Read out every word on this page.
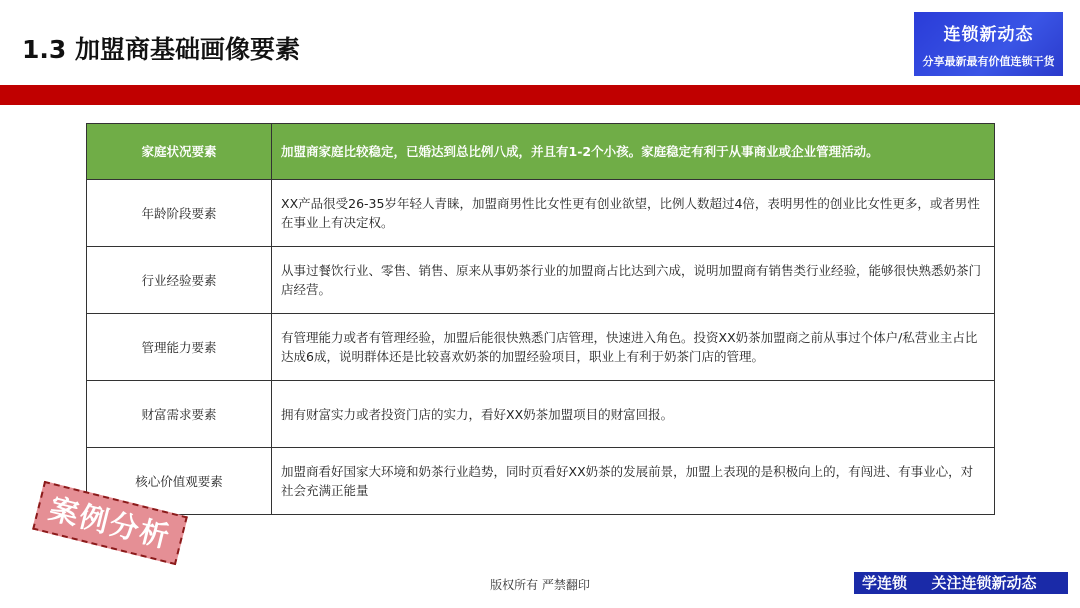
1.3 加盟商基础画像要素	连锁新动态
分享最新最有价值连锁干货
家庭状况要素	加盟商家庭比较稳定，已婚达到总比例八成，并且有1-2个小孩。家庭稳定有利于从事商业或企业管理活动。
年龄阶段要素	XX产品很受26-35岁年轻人青睐，加盟商男性比女性更有创业欲望，比例人数超过4倍，表明男性的创业比女性更多，或者男性在事业上有决定权。
行业经验要素	从事过餐饮行业、零售、销售、原来从事奶茶行业的加盟商占比达到六成，说明加盟商有销售类行业经验，能够很快熟悉奶茶门店经营。
管理能力要素	有管理能力或者有管理经验，加盟后能很快熟悉门店管理，快速进入角色。投资XX奶茶加盟商之前从事过个体户/私营业主占比达成6成，说明群体还是比较喜欢奶茶的加盟经验项目，职业上有利于奶茶门店的管理。
财富需求要素	拥有财富实力或者投资门店的实力，看好XX奶茶加盟项目的财富回报。
核心价值观要素	加盟商看好国家大环境和奶茶行业趋势，同时页看好XX奶茶的发展前景，加盟上表现的是积极向上的，有闯进、有事业心，对社会充满正能量
案例分析
版权所有 严禁翻印	学连锁 关注连锁新动态
